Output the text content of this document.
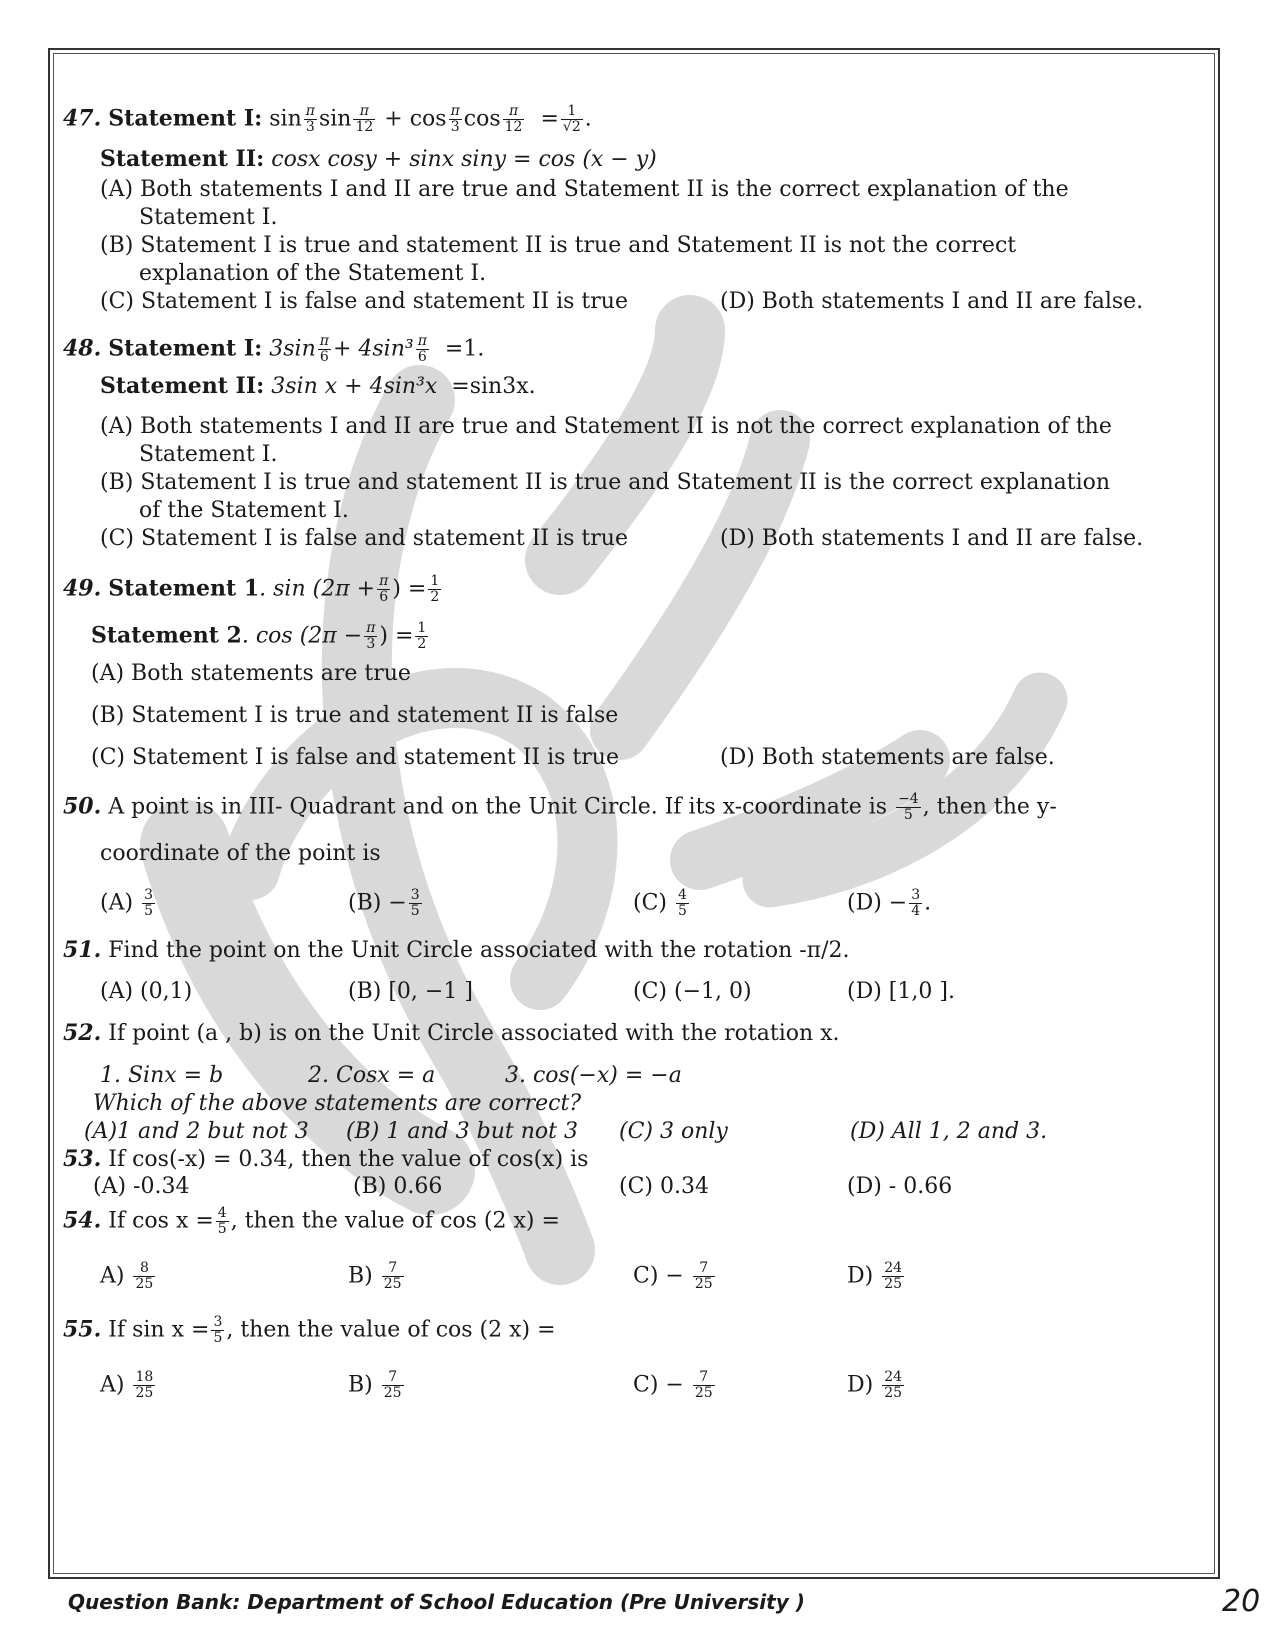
47. Statement I: $\sin \frac{\pi}{3}$ $\sin \frac{\pi}{12} + \cos \frac{\pi}{3}$ $\cos \frac{\pi}{12} = \frac{1}{√2}$ .
Statement II: cosx cosy + sinx siny = cos (x − y)
(A) Both statements I and II are true and Statement II is the correct explanation of the
Statement I.
(B) Statement I is true and statement II is true and Statement II is not the correct
explanation of the Statement I.
(C) Statement I is false and statement II is true	(D) Both statements I and II are false.
48. Statement I: $3\sin \frac{\pi}{6} + 4\sin^3 \frac{\pi}{6} =1$.
Statement II: 3sin x + 4sin³x =sin3x.
(A) Both statements I and II are true and Statement II is not the correct explanation of the
Statement I.
(B) Statement I is true and statement II is true and Statement II is the correct explanation
of the Statement I.
(C) Statement I is false and statement II is true	(D) Both statements I and II are false.
49. Statement 1. $\sin (2\pi + \frac{\pi}{6}$ ) = $\frac{1}{2}$
Statement 2. $\cos (2\pi - \frac{\pi}{3}$ ) = $\frac{1}{2}$
(A) Both statements are true
(B) Statement I is true and statement II is false
(C) Statement I is false and statement II is true	(D) Both statements are false.
50. A point is in III- Quadrant and on the Unit Circle. If its x-coordinate is $\frac{-4}{5}$ , then the y-
coordinate of the point is
$(A) \frac{3}{5}$	$(B) - \frac{3}{5}$	$(C) \frac{4}{5}$	$(D) - \frac{3}{4}$ .
51. Find the point on the Unit Circle associated with the rotation -π/2.
(A) (0,1)	(B) [0, −1 ]	(C) (−1, 0)	(D) [1,0 ].
52. If point (a , b) is on the Unit Circle associated with the rotation x.
1. Sinx = b	2. Cosx = a	3. cos(−x) = −a
Which of the above statements are correct?
(A)1 and 2 but not 3 (B) 1 and 3 but not 3 (C) 3 only	(D) All 1, 2 and 3.
53. If cos(-x) = 0.34, then the value of cos(x) is
(A) -0.34	(B) 0.66	(C) 0.34	(D) - 0.66
54. If $\cos x = \frac{4}{5}$ , then the value of cos (2 x) =
$A) \frac{8}{25}$	$B) \frac{7}{25}$	$C) - \frac{7}{25}$	$D) \frac{24}{25}$
55. If $\sin x = \frac{3}{5}$ , then the value of cos (2 x) =
$A) \frac{18}{25}$	$B) \frac{7}{25}$	$C) - \frac{7}{25}$	$D) \frac{24}{25}$
Question Bank: Department of School Education (Pre University )	20
